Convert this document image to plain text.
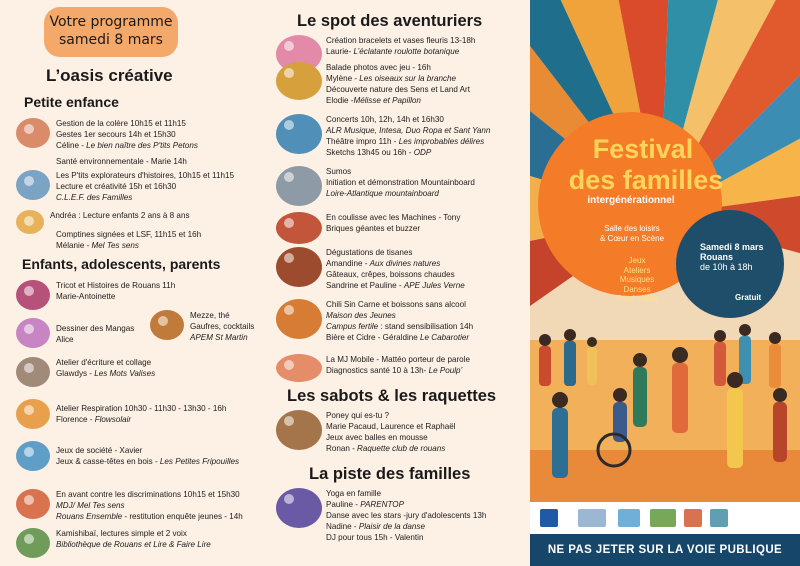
Votre programme
samedi 8 mars
L’oasis créative
Petite enfance
Enfants, adolescents, parents
Gestion de la colère 10h15 et 11h15
Gestes 1er secours 14h et 15h30
Céline - Le bien naître des P'tits Petons
Santé environnementale - Marie 14h
Les P'tits explorateurs d'histoires, 10h15 et 11h15
Lecture et créativité 15h et 16h30
C.L.E.F. des Familles
Andréa : Lecture enfants 2 ans à 8 ans
Comptines signées et LSF, 11h15 et 16h
Mélanie - Mel Tes sens
Tricot et Histoires de Rouans 11h
Marie-Antoinette
Dessiner des Mangas
Alice
Mezze, thé
Gaufres, cocktails
APEM St Martin
Atelier d'écriture et collage
Glawdys - Les Mots Valises
Atelier Respiration 10h30 - 11h30 - 13h30 - 16h
Florence - Flowsolair
Jeux de société - Xavier
Jeux & casse-têtes en bois - Les Petites Fripouilles
En avant contre les discriminations 10h15 et 15h30
MDJ/ Mel Tes sens
Rouans Ensemble - restitution enquête jeunes - 14h
Kamishibaï, lectures simple et 2 voix
Bibliothèque de Rouans et Lire & Faire Lire
Le spot des aventuriers
Les sabots & les raquettes
La piste des familles
Création bracelets et vases fleuris 13-18h
Laurie- L’éclatante roulotte botanique
Balade photos avec jeu - 16h
Mylène - Les oiseaux sur la branche
Découverte nature des Sens et Land Art
Elodie -Mélisse et Papillon
Concerts 10h, 12h, 14h et 16h30
ALR Musique, Intesa, Duo Ropa et Sant Yann
Théâtre impro 11h - Les improbables délires
Sketchs 13h45 ou 16h - ODP
Sumos
Initiation et démonstration Mountainboard
Loire-Atlantique mountainboard
En coulisse avec les Machines - Tony
Briques géantes et buzzer
Dégustations de tisanes
Amandine - Aux divines natures
Gâteaux, crêpes, boissons chaudes
Sandrine et Pauline - APE Jules Verne
Chili Sin Carne et boissons sans alcool
Maison des Jeunes
Campus fertile : stand sensibilisation 14h
Bière et Cidre - Géraldine Le Cabarotier
La MJ Mobile - Mattéo porteur de parole
Diagnostics santé 10 à 13h- Le Poulp’
Poney qui es-tu ?
Marie Pacaud, Laurence et Raphaël
Jeux avec balles en mousse
Ronan - Raquette club de rouans
Yoga en famille
Pauline - PARENTOP
Danse avec les stars -jury d'adolescents 13h
Nadine - Plaisir de la danse
DJ pour tous 15h - Valentin
Festival
des familles
intergénérationnel
Salle des loisirs
& Cœur en Scène
Jeux
Ateliers
Musiques
Danses
Food trucks
Samedi 8 mars
Rouans
de 10h à 18h
Gratuit
NE PAS JETER SUR LA VOIE PUBLIQUE
